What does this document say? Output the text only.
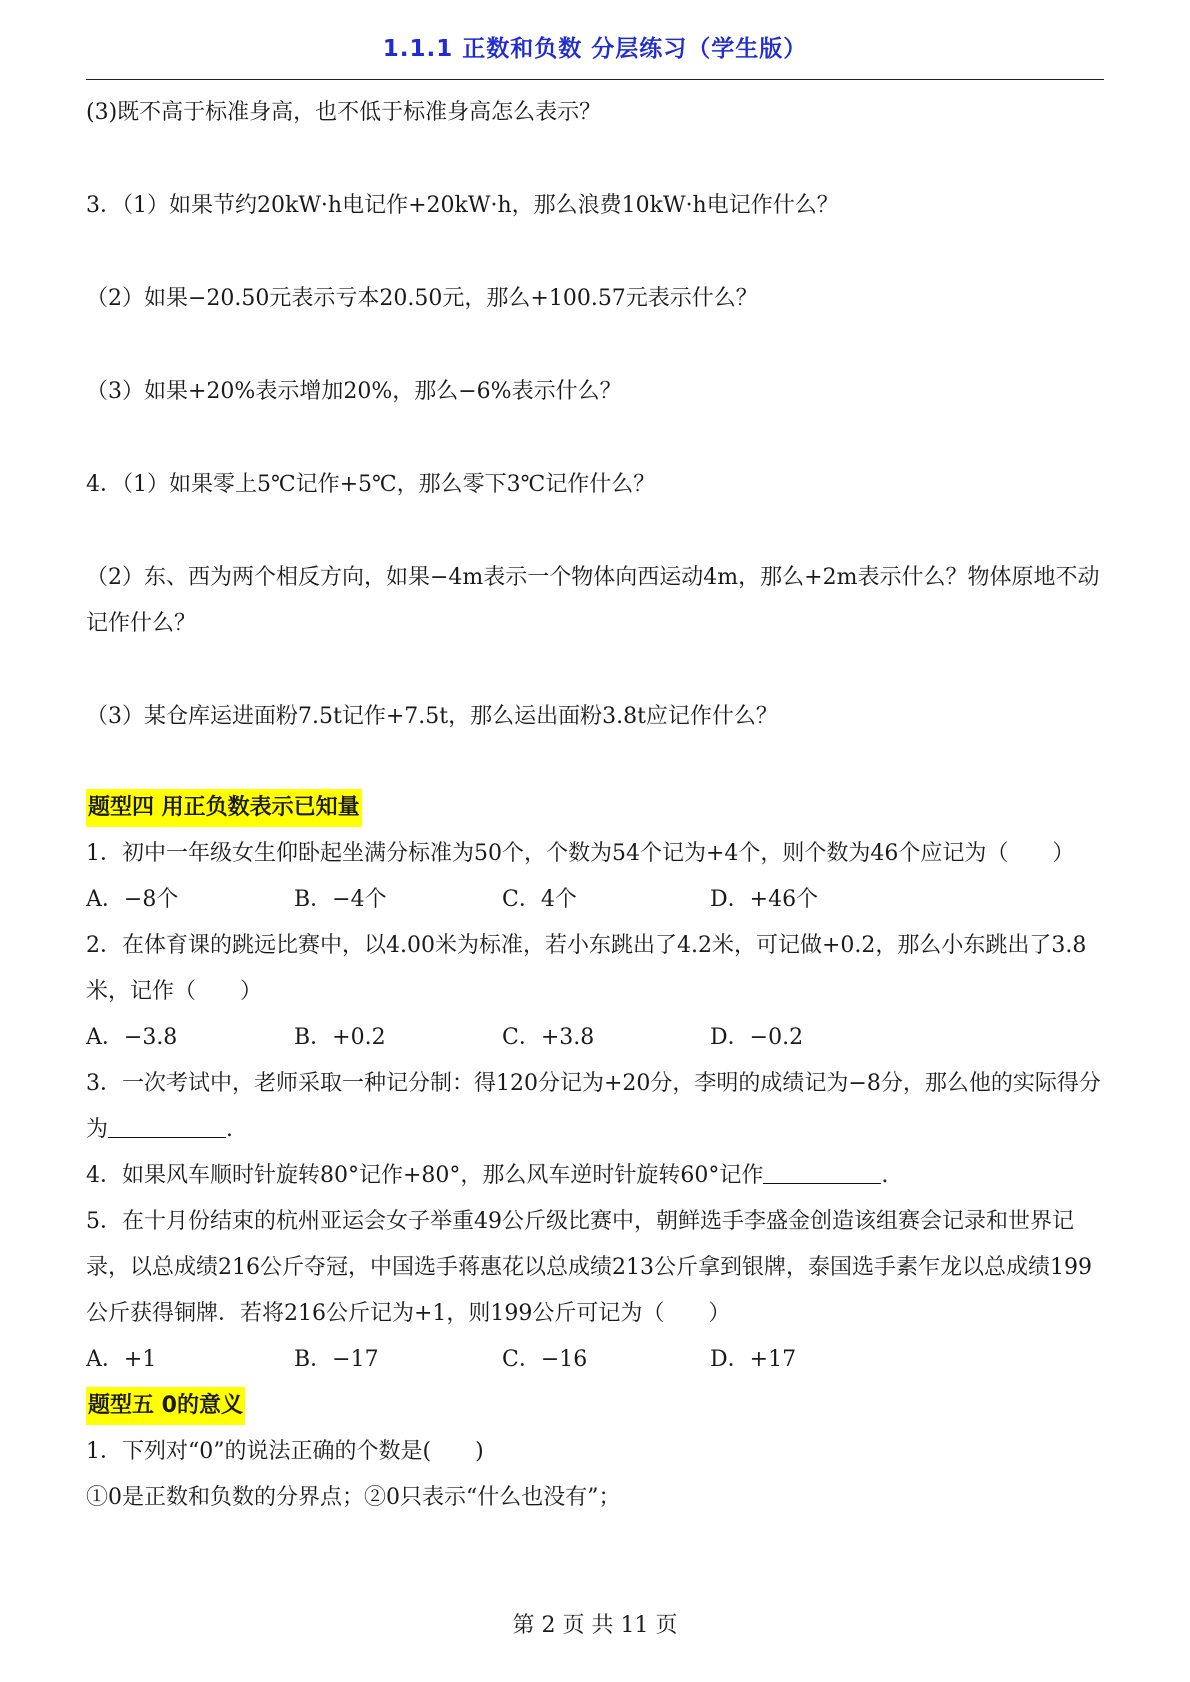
1.1.1 正数和负数 分层练习（学生版）
(3)既不高于标准身高，也不低于标准身高怎么表示？
3．（1）如果节约20kW·h电记作+20kW·h，那么浪费10kW·h电记作什么？
（2）如果−20.50元表示亏本20.50元，那么+100.57元表示什么？
（3）如果+20%表示增加20%，那么−6%表示什么？
4．（1）如果零上5℃记作+5℃，那么零下3℃记作什么？
（2）东、西为两个相反方向，如果−4m表示一个物体向西运动4m，那么+2m表示什么？物体原地不动记作什么？
（3）某仓库运进面粉7.5t记作+7.5t，那么运出面粉3.8t应记作什么？
题型四 用正负数表示已知量
1．初中一年级女生仰卧起坐满分标准为50个，个数为54个记为+4个，则个数为46个应记为（　　）
A．−8个	B．−4个	C．4个	D．+46个
2．在体育课的跳远比赛中，以4.00米为标准，若小东跳出了4.2米，可记做+0.2，那么小东跳出了3.8米，记作（　　）
A．−3.8	B．+0.2	C．+3.8	D．−0.2
3．一次考试中，老师采取一种记分制：得120分记为+20分，李明的成绩记为−8分，那么他的实际得分为	.
4．如果风车顺时针旋转80°记作+80°，那么风车逆时针旋转60°记作	.
5．在十月份结束的杭州亚运会女子举重49公斤级比赛中，朝鲜选手李盛金创造该组赛会记录和世界记录，以总成绩216公斤夺冠，中国选手蒋惠花以总成绩213公斤拿到银牌，泰国选手素乍龙以总成绩199公斤获得铜牌．若将216公斤记为+1，则199公斤可记为（　　）
A．+1	B．−17	C．−16	D．+17
题型五 0的意义
1．下列对“0”的说法正确的个数是(　　)
①0是正数和负数的分界点；②0只表示“什么也没有”；
第 2 页 共 11 页
